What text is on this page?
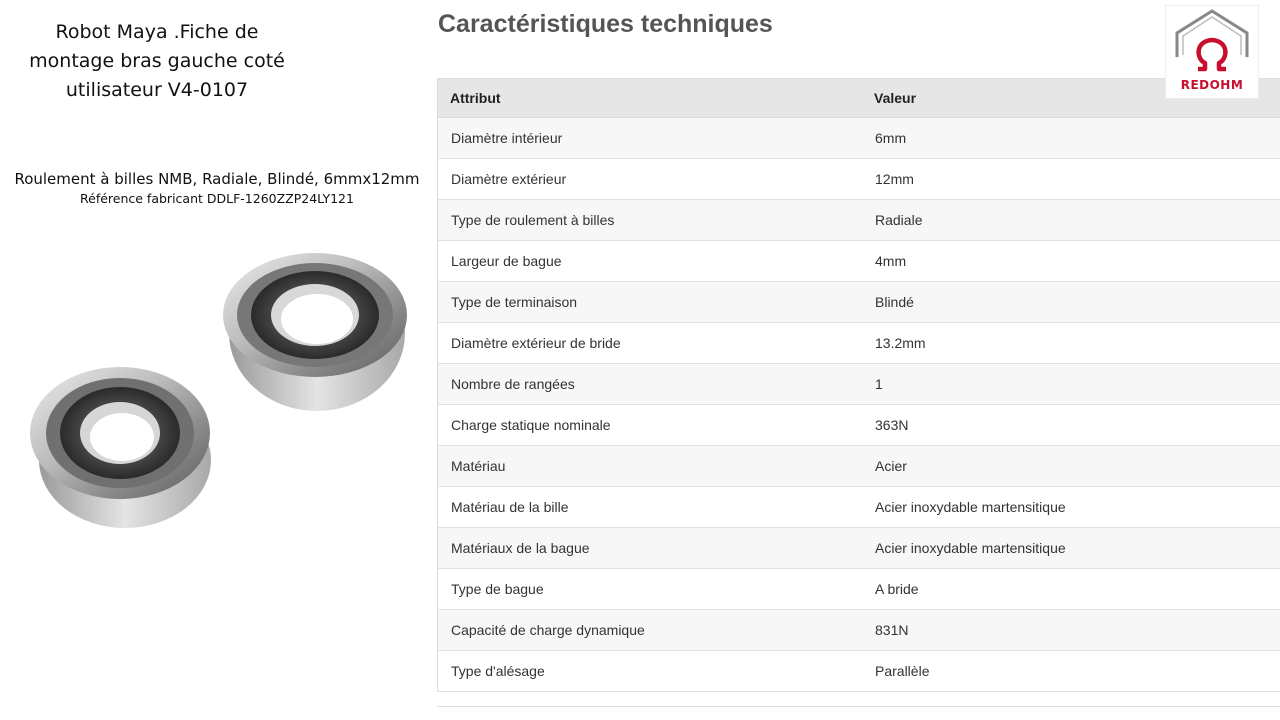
Robot Maya .Fiche de
montage bras gauche coté
utilisateur V4-0107
Roulement à billes NMB, Radiale, Blindé, 6mmx12mm
Référence fabricant DDLF-1260ZZP24LY121
Caractéristiques techniques
Attribut	Valeur
Diamètre intérieur	6mm
Diamètre extérieur	12mm
Type de roulement à billes	Radiale
Largeur de bague	4mm
Type de terminaison	Blindé
Diamètre extérieur de bride	13.2mm
Nombre de rangées	1
Charge statique nominale	363N
Matériau	Acier
Matériau de la bille	Acier inoxydable martensitique
Matériaux de la bague	Acier inoxydable martensitique
Type de bague	A bride
Capacité de charge dynamique	831N
Type d'alésage	Parallèle
REDOHM
